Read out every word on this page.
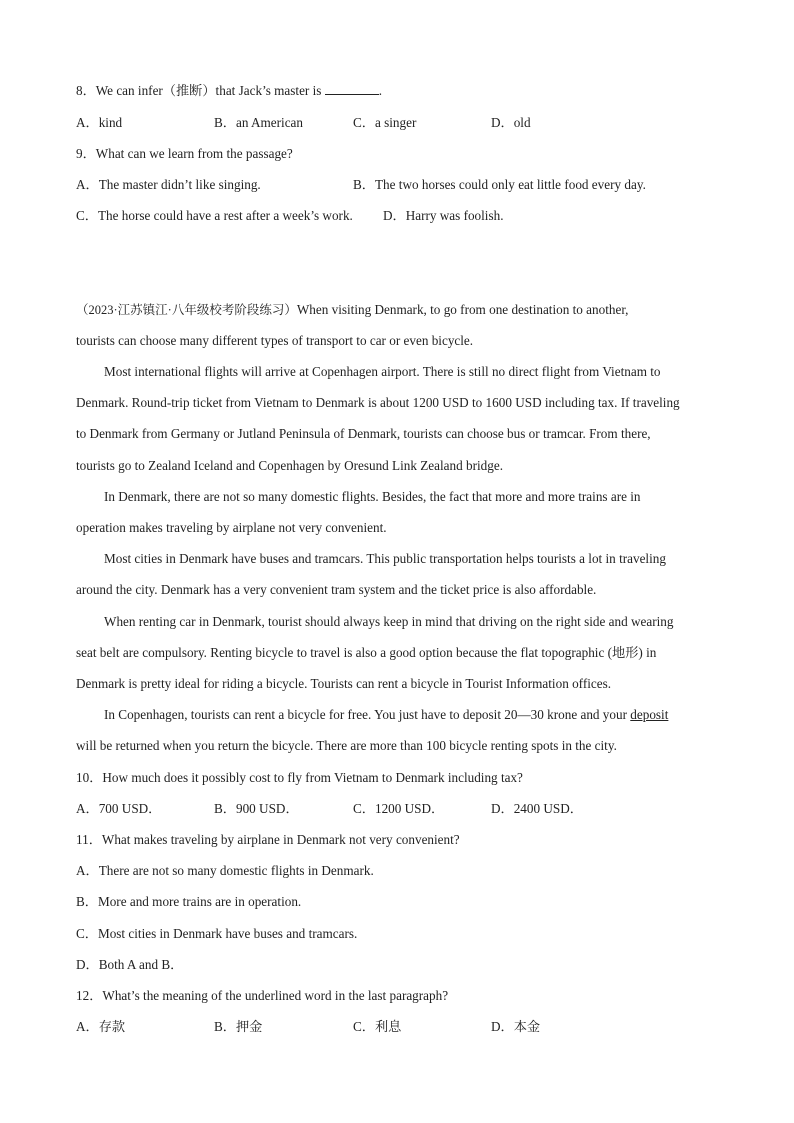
8．We can infer（推断）that Jack’s master is	.
A．kind	B．an American	C．a singer	D．old
9．What can we learn from the passage?
A．The master didn’t like singing.	B．The two horses could only eat little food every day.
C．The horse could have a rest after a week’s work. D．Harry was foolish.
（2023·江苏镇江·八年级校考阶段练习）When visiting Denmark, to go from one destination to another,
tourists can choose many different types of transport to car or even bicycle.
Most international flights will arrive at Copenhagen airport. There is still no direct flight from Vietnam to
Denmark. Round-trip ticket from Vietnam to Denmark is about 1200 USD to 1600 USD including tax. If traveling
to Denmark from Germany or Jutland Peninsula of Denmark, tourists can choose bus or tramcar. From there,
tourists go to Zealand Iceland and Copenhagen by Oresund Link Zealand bridge.
In Denmark, there are not so many domestic flights. Besides, the fact that more and more trains are in
operation makes traveling by airplane not very convenient.
Most cities in Denmark have buses and tramcars. This public transportation helps tourists a lot in traveling
around the city. Denmark has a very convenient tram system and the ticket price is also affordable.
When renting car in Denmark, tourist should always keep in mind that driving on the right side and wearing
seat belt are compulsory. Renting bicycle to travel is also a good option because the flat topographic (地形) in
Denmark is pretty ideal for riding a bicycle. Tourists can rent a bicycle in Tourist Information offices.
In Copenhagen, tourists can rent a bicycle for free. You just have to deposit 20—30 krone and your deposit
will be returned when you return the bicycle. There are more than 100 bicycle renting spots in the city.
10．How much does it possibly cost to fly from Vietnam to Denmark including tax?
A．700 USD．	B．900 USD．	C．1200 USD．	D．2400 USD．
11．What makes traveling by airplane in Denmark not very convenient?
A．There are not so many domestic flights in Denmark.
B．More and more trains are in operation.
C．Most cities in Denmark have buses and tramcars.
D．Both A and B．
12．What’s the meaning of the underlined word in the last paragraph?
A．存款	B．押金	C．利息	D．本金
